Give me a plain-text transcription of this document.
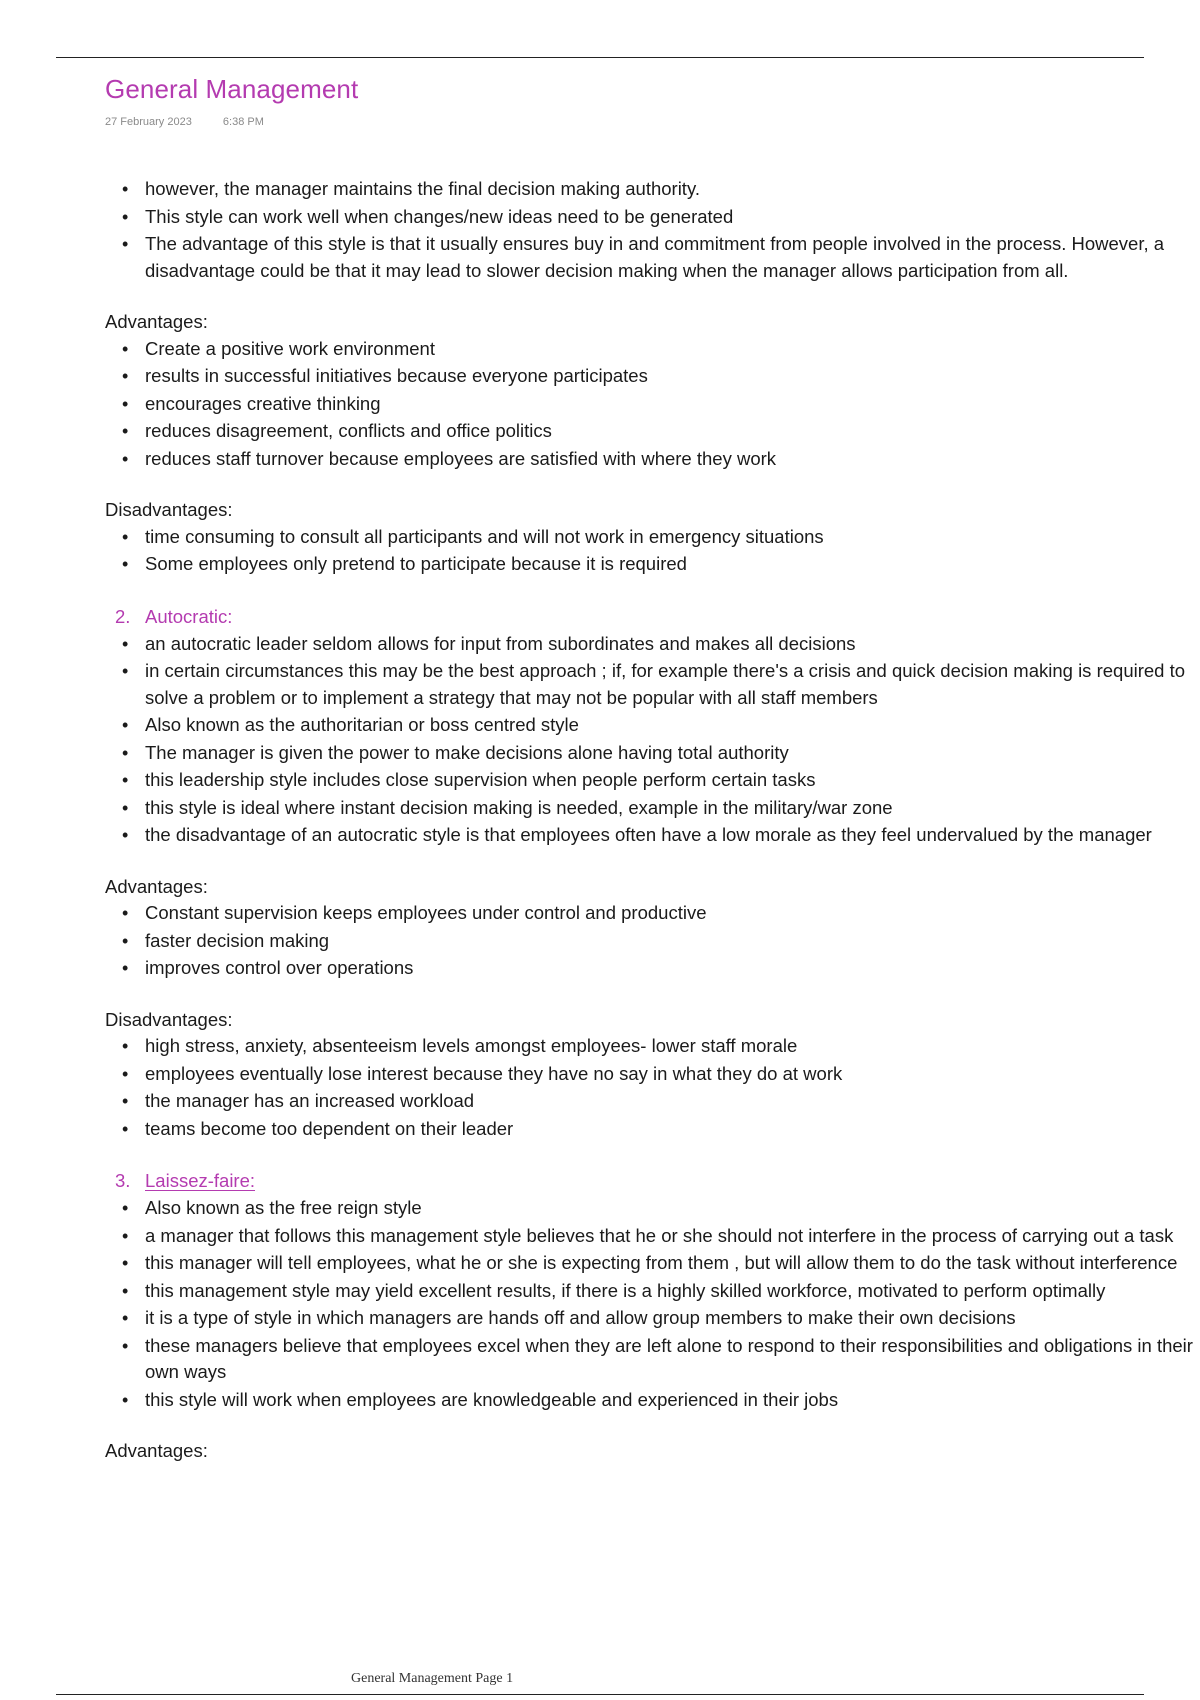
General Management
27 February 2023	6:38 PM
• however, the manager maintains the final decision making authority.
• This style can work well when changes/new ideas need to be generated
• The advantage of this style is that it usually ensures buy in and commitment from people involved in the process. However, a disadvantage could be that it may lead to slower decision making when the manager allows participation from all.

Advantages:

• Create a positive work environment
• results in successful initiatives because everyone participates
• encourages creative thinking
• reduces disagreement, conflicts and office politics
• reduces staff turnover because employees are satisfied with where they work

Disadvantages:

• time consuming to consult all participants and will not work in emergency situations
• Some employees only pretend to participate because it is required

2. Autocratic:

• an autocratic leader seldom allows for input from subordinates and makes all decisions
• in certain circumstances this may be the best approach ; if, for example there's a crisis and quick decision making is required to solve a problem or to implement a strategy that may not be popular with all staff members
• Also known as the authoritarian or boss centred style
• The manager is given the power to make decisions alone having total authority
• this leadership style includes close supervision when people perform certain tasks
• this style is ideal where instant decision making is needed, example in the military/war zone
• the disadvantage of an autocratic style is that employees often have a low morale as they feel undervalued by the manager

Advantages:

• Constant supervision keeps employees under control and productive
• faster decision making
• improves control over operations

Disadvantages:

• high stress, anxiety, absenteeism levels amongst employees- lower staff morale
• employees eventually lose interest because they have no say in what they do at work
• the manager has an increased workload
• teams become too dependent on their leader

3. Laissez-faire:

• Also known as the free reign style
• a manager that follows this management style believes that he or she should not interfere in the process of carrying out a task
• this manager will tell employees, what he or she is expecting from them , but will allow them to do the task without interference
• this management style may yield excellent results, if there is a highly skilled workforce, motivated to perform optimally
• it is a type of style in which managers are hands off and allow group members to make their own decisions
• these managers believe that employees excel when they are left alone to respond to their responsibilities and obligations in their own ways
• this style will work when employees are knowledgeable and experienced in their jobs

Advantages:

General Management Page 1
